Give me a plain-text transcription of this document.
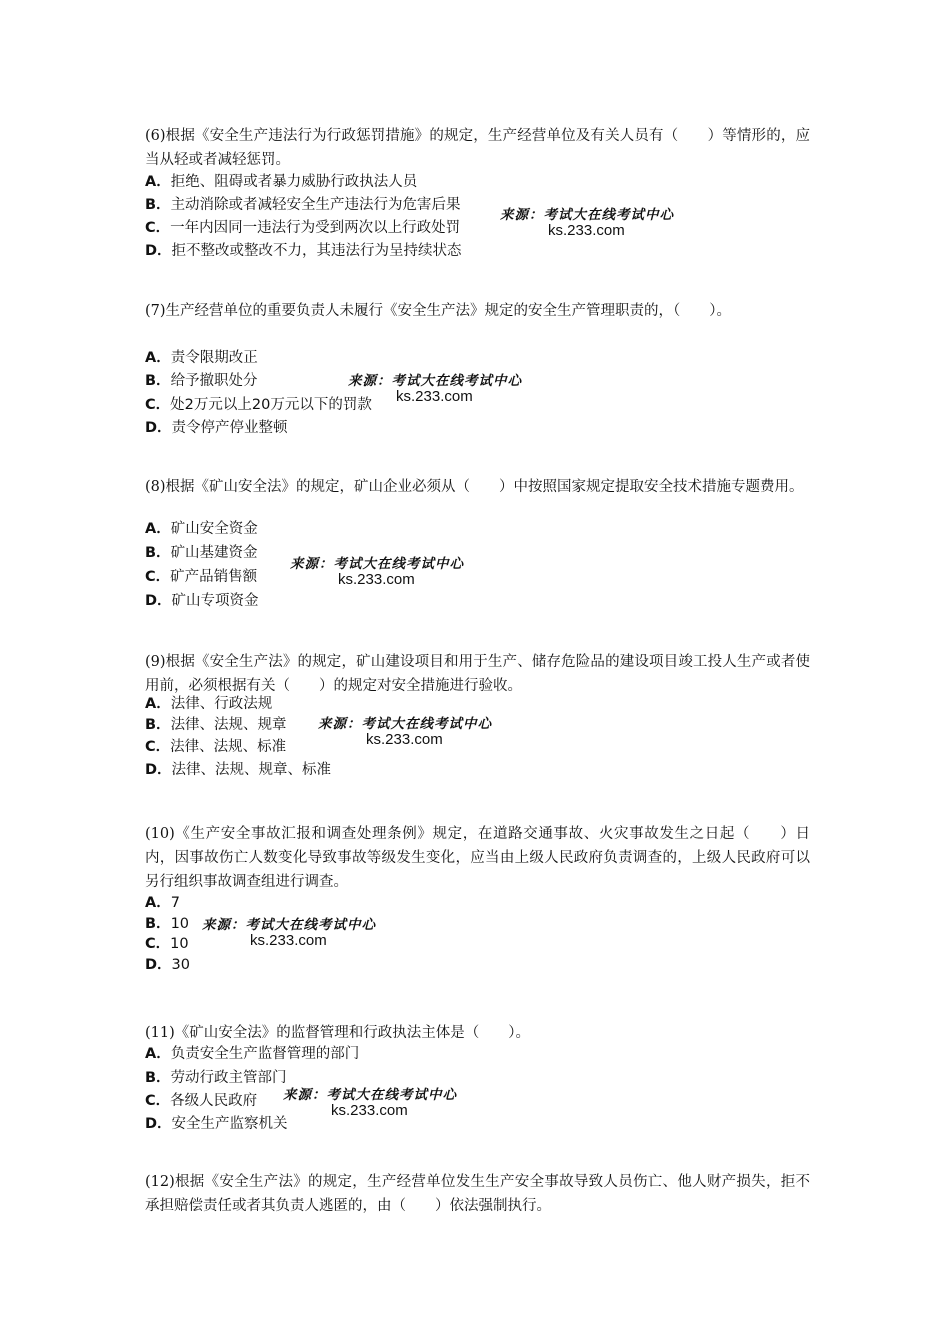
(6)根据《安全生产违法行为行政惩罚措施》的规定，生产经营单位及有关人员有（　　）等情形的，应当从轻或者减轻惩罚。
A．拒绝、阻碍或者暴力威胁行政执法人员
B．主动消除或者减轻安全生产违法行为危害后果
C．一年内因同一违法行为受到两次以上行政处罚
D．拒不整改或整改不力，其违法行为呈持续状态
来源：考试大在线考试中心
ks.233.com
(7)生产经营单位的重要负责人未履行《安全生产法》规定的安全生产管理职责的，（　　）。
A．责令限期改正
B．给予撤职处分
C．处2万元以上20万元以下的罚款
D．责令停产停业整顿
来源：考试大在线考试中心
ks.233.com
(8)根据《矿山安全法》的规定，矿山企业必须从（　　）中按照国家规定提取安全技术措施专题费用。
A．矿山安全资金
B．矿山基建资金
C．矿产品销售额
D．矿山专项资金
来源：考试大在线考试中心
ks.233.com
(9)根据《安全生产法》的规定，矿山建设项目和用于生产、储存危险品的建设项目竣工投人生产或者使用前，必须根据有关（　　）的规定对安全措施进行验收。
A．法律、行政法规
B．法律、法规、规章
C．法律、法规、标准
D．法律、法规、规章、标准
来源：考试大在线考试中心
ks.233.com
(10)《生产安全事故汇报和调查处理条例》规定，在道路交通事故、火灾事故发生之日起（　　）日内，因事故伤亡人数变化导致事故等级发生变化，应当由上级人民政府负责调查的，上级人民政府可以另行组织事故调查组进行调查。
A．7
B．10
C．10
D．30
来源：考试大在线考试中心
ks.233.com
(11)《矿山安全法》的监督管理和行政执法主体是（　　）。
A．负责安全生产监督管理的部门
B．劳动行政主管部门
C．各级人民政府
D．安全生产监察机关
来源：考试大在线考试中心
ks.233.com
(12)根据《安全生产法》的规定，生产经营单位发生生产安全事故导致人员伤亡、他人财产损失，拒不承担赔偿责任或者其负责人逃匿的，由（　　）依法强制执行。
